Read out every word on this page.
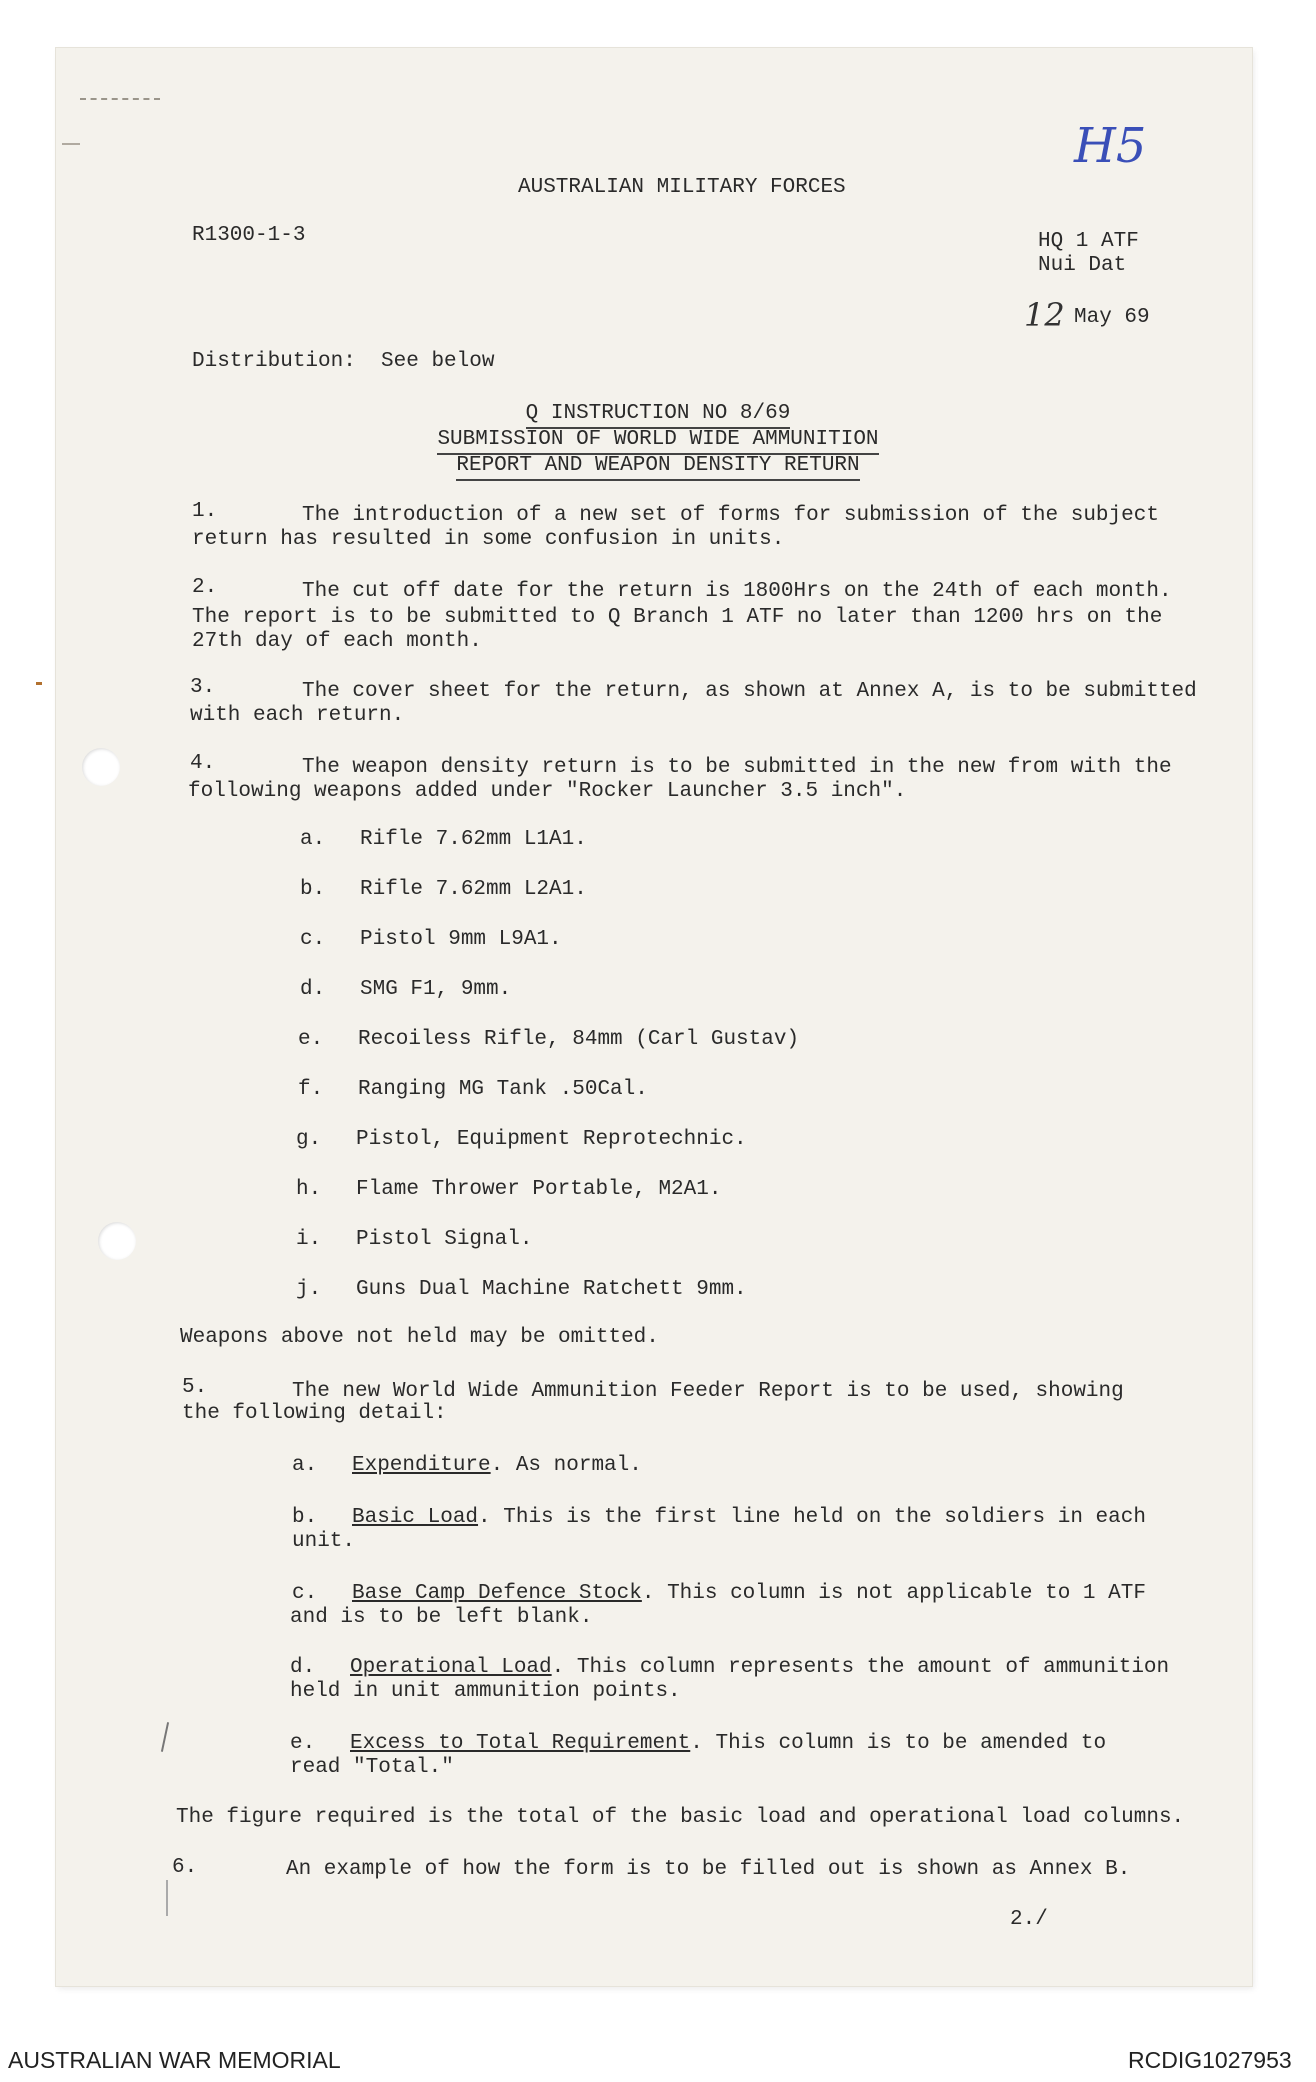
H5
AUSTRALIAN MILITARY FORCES
R1300-1-3	HQ 1 ATF
Nui Dat
12 May 69
Distribution:  See below
Q INSTRUCTION NO 8/69
SUBMISSION OF WORLD WIDE AMMUNITION
REPORT AND WEAPON DENSITY RETURN
1.	The introduction of a new set of forms for submission of the subject
return has resulted in some confusion in units.
2.	The cut off date for the return is 1800Hrs on the 24th of each month.
The report is to be submitted to Q Branch 1 ATF no later than 1200 hrs on the
27th day of each month.
3.	The cover sheet for the return, as shown at Annex A, is to be submitted
with each return.
4.	The weapon density return is to be submitted in the new from with the
following weapons added under "Rocker Launcher 3.5 inch".
a. Rifle 7.62mm L1A1.
b. Rifle 7.62mm L2A1.
c. Pistol 9mm L9A1.
d. SMG F1, 9mm.
e. Recoiless Rifle, 84mm (Carl Gustav)
f. Ranging MG Tank .50Cal.
g. Pistol, Equipment Reprotechnic.
h. Flame Thrower Portable, M2A1.
i. Pistol Signal.
j. Guns Dual Machine Ratchett 9mm.
Weapons above not held may be omitted.
5.	The new World Wide Ammunition Feeder Report is to be used, showing
the following detail:
a. Expenditure. As normal.
b. Basic Load. This is the first line held on the soldiers in each
unit.
c. Base Camp Defence Stock. This column is not applicable to 1 ATF
and is to be left blank.
d. Operational Load. This column represents the amount of ammunition
held in unit ammunition points.
e. Excess to Total Requirement. This column is to be amended to
read "Total."
The figure required is the total of the basic load and operational load columns.
6.	An example of how the form is to be filled out is shown as Annex B.
2./
AUSTRALIAN WAR MEMORIAL	RCDIG1027953
